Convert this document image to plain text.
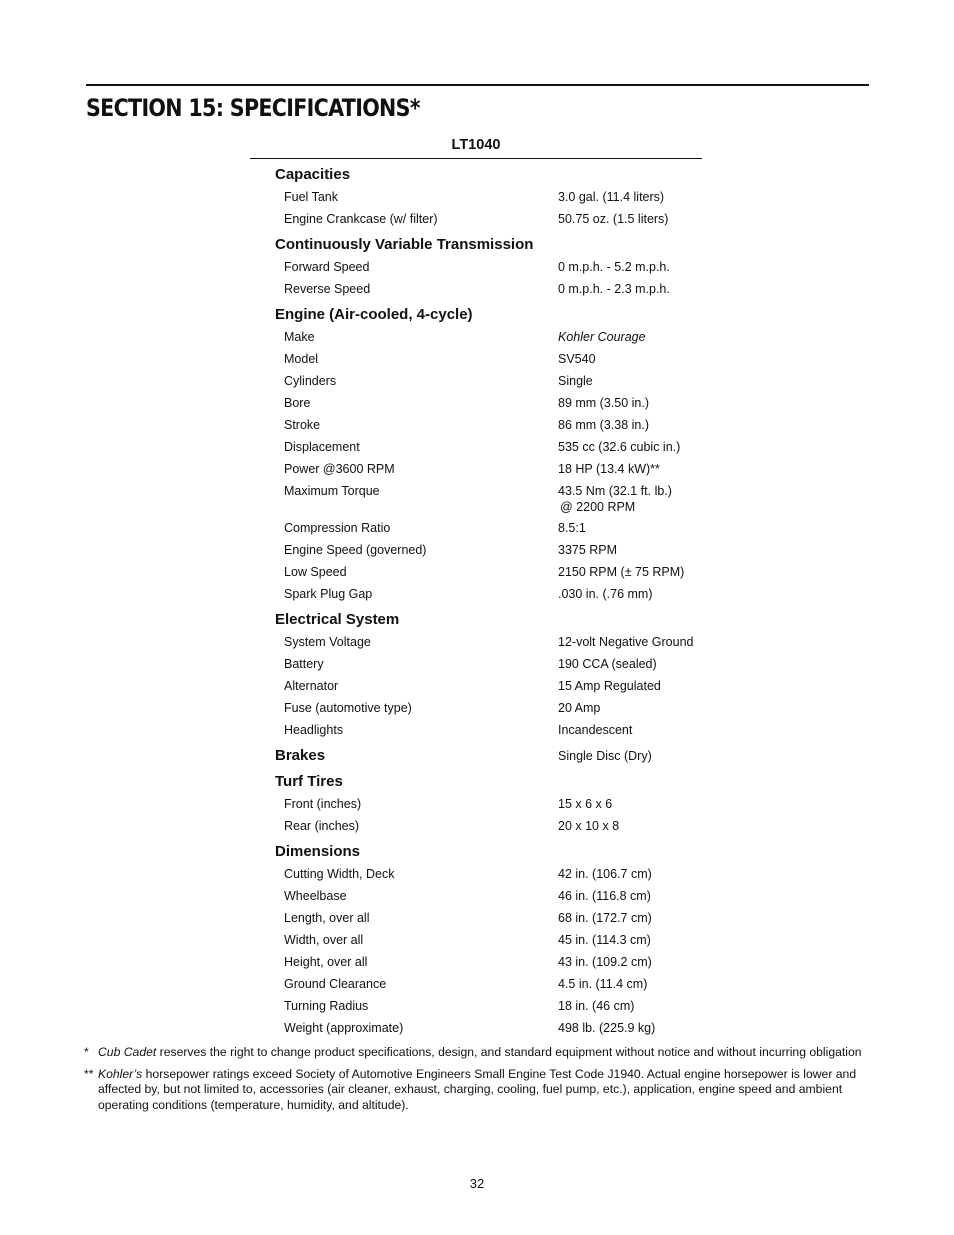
SECTION 15: SPECIFICATIONS*
LT1040
Capacities
Fuel Tank	3.0 gal. (11.4 liters)
Engine Crankcase (w/ filter)	50.75 oz. (1.5 liters)
Continuously Variable Transmission
Forward Speed	0 m.p.h. - 5.2 m.p.h.
Reverse Speed	0 m.p.h. - 2.3 m.p.h.
Engine (Air-cooled, 4-cycle)
Make	Kohler Courage
Model	SV540
Cylinders	Single
Bore	89 mm (3.50 in.)
Stroke	86 mm (3.38 in.)
Displacement	535 cc (32.6 cubic in.)
Power @3600 RPM	18 HP (13.4 kW)**
Maximum Torque	43.5 Nm (32.1 ft. lb.)
@ 2200 RPM
Compression Ratio	8.5:1
Engine Speed (governed)	3375 RPM
Low Speed	2150 RPM (± 75 RPM)
Spark Plug Gap	.030 in. (.76 mm)
Electrical System
System Voltage	12-volt Negative Ground
Battery	190 CCA (sealed)
Alternator	15 Amp Regulated
Fuse (automotive type)	20 Amp
Headlights	Incandescent
Brakes	Single Disc (Dry)
Turf Tires
Front (inches)	15 x 6 x 6
Rear (inches)	20 x 10 x 8
Dimensions
Cutting Width, Deck	42 in. (106.7 cm)
Wheelbase	46 in. (116.8 cm)
Length, over all	68 in. (172.7 cm)
Width, over all	45 in. (114.3 cm)
Height, over all	43 in. (109.2 cm)
Ground Clearance	4.5 in. (11.4 cm)
Turning Radius	18 in. (46 cm)
Weight (approximate)	498 lb. (225.9 kg)
* Cub Cadet reserves the right to change product specifications, design, and standard equipment without notice and without incurring obligation
** Kohler’s horsepower ratings exceed Society of Automotive Engineers Small Engine Test Code J1940. Actual engine horsepower is lower and affected by, but not limited to, accessories (air cleaner, exhaust, charging, cooling, fuel pump, etc.), application, engine speed and ambient operating conditions (temperature, humidity, and altitude).
32
